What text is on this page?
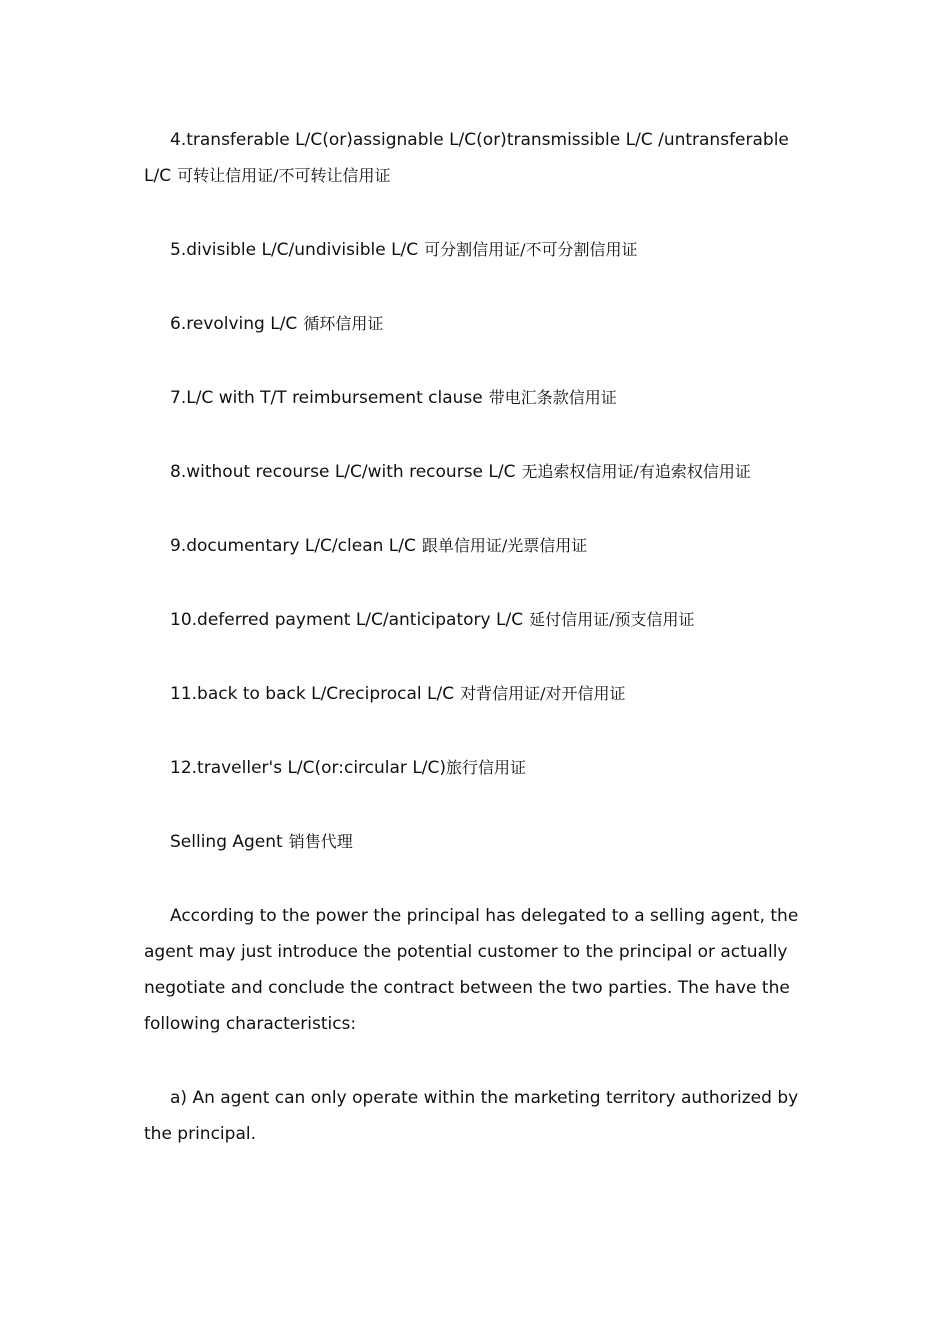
4.transferable L/C(or)assignable L/C(or)transmissible L/C /untransferable L/C 可转让信用证/不可转让信用证

5.divisible L/C/undivisible L/C 可分割信用证/不可分割信用证

6.revolving L/C 循环信用证

7.L/C with T/T reimbursement clause 带电汇条款信用证

8.without recourse L/C/with recourse L/C 无追索权信用证/有追索权信用证

9.documentary L/C/clean L/C 跟单信用证/光票信用证

10.deferred payment L/C/anticipatory L/C 延付信用证/预支信用证

11.back to back L/Creciprocal L/C 对背信用证/对开信用证

12.traveller's L/C(or:circular L/C)旅行信用证

Selling Agent 销售代理

According to the power the principal has delegated to a selling agent, the agent may just introduce the potential customer to the principal or actually negotiate and conclude the contract between the two parties. The have the following characteristics:

a) An agent can only operate within the marketing territory authorized by the principal.
